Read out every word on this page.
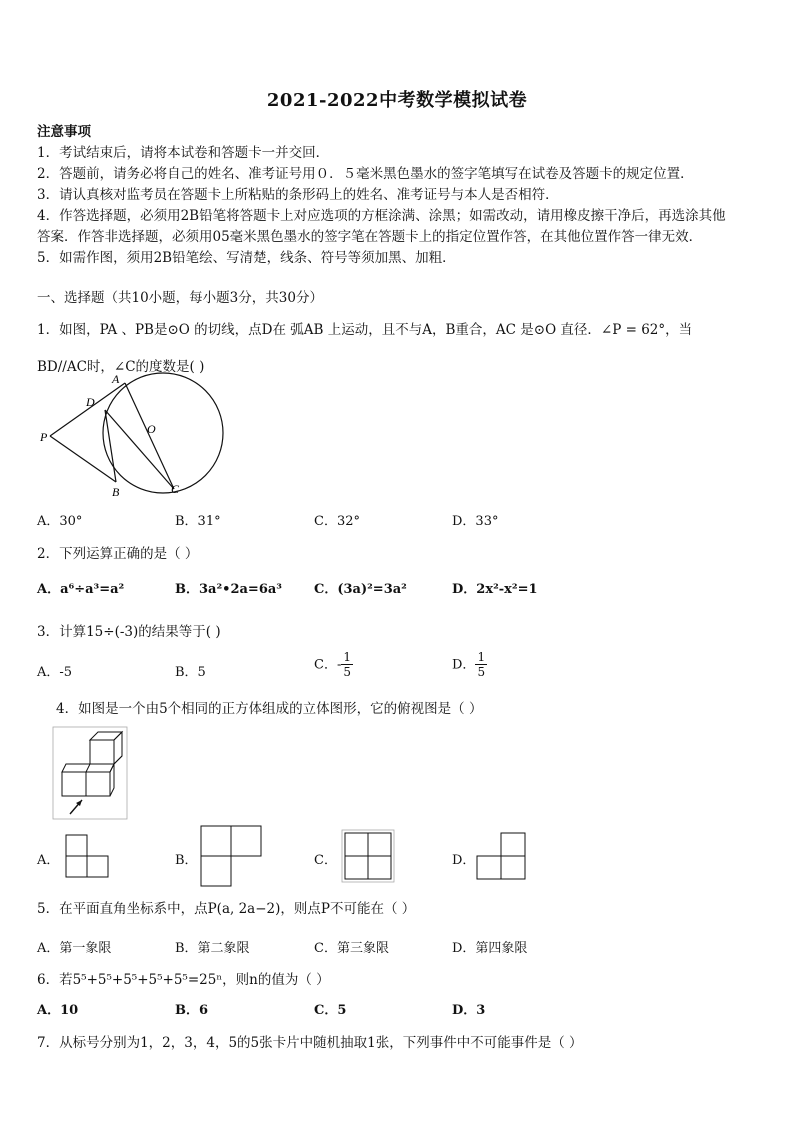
2021-2022中考数学模拟试卷
注意事项
1．考试结束后，请将本试卷和答题卡一并交回．
2．答题前，请务必将自己的姓名、准考证号用０．５毫米黑色墨水的签字笔填写在试卷及答题卡的规定位置．
3．请认真核对监考员在答题卡上所粘贴的条形码上的姓名、准考证号与本人是否相符．
4．作答选择题，必须用2B铅笔将答题卡上对应选项的方框涂满、涂黑；如需改动，请用橡皮擦干净后，再选涂其他
答案．作答非选择题，必须用05毫米黑色墨水的签字笔在答题卡上的指定位置作答，在其他位置作答一律无效．
5．如需作图，须用2B铅笔绘、写清楚，线条、符号等须加黑、加粗．
一、选择题（共10小题，每小题3分，共30分）
1．如图，PA 、PB是⊙O 的切线，点D在 弧AB 上运动，且不与A，B重合，AC 是⊙O 直径．∠P = 62°，当
BD//AC时，∠C的度数是( )
A
P
D
O
B	C
A．30°	B．31°	C．32°	D．33°
2．下列运算正确的是（ ）
A．a⁶÷a³=a²	B．3a²•2a=6a³ C．(3a)²=3a²	D．2x²-x²=1
3．计算15÷(-3)的结果等于( )
A．-5	B．5
C．- $\frac{1}{5}$	D． $\frac{1}{5}$
4．如图是一个由5个相同的正方体组成的立体图形，它的俯视图是（ ）
A．	B．	C．	D．
5．在平面直角坐标系中，点P(a, 2a−2)，则点P不可能在（ ）
A．第一象限	B．第二象限	C．第三象限	D．第四象限
6．若5⁵+5⁵+5⁵+5⁵+5⁵=25ⁿ，则n的值为（ ）
A．10	B．6	C．5	D．3
7．从标号分别为1，2，3，4，5的5张卡片中随机抽取1张，下列事件中不可能事件是（ ）
